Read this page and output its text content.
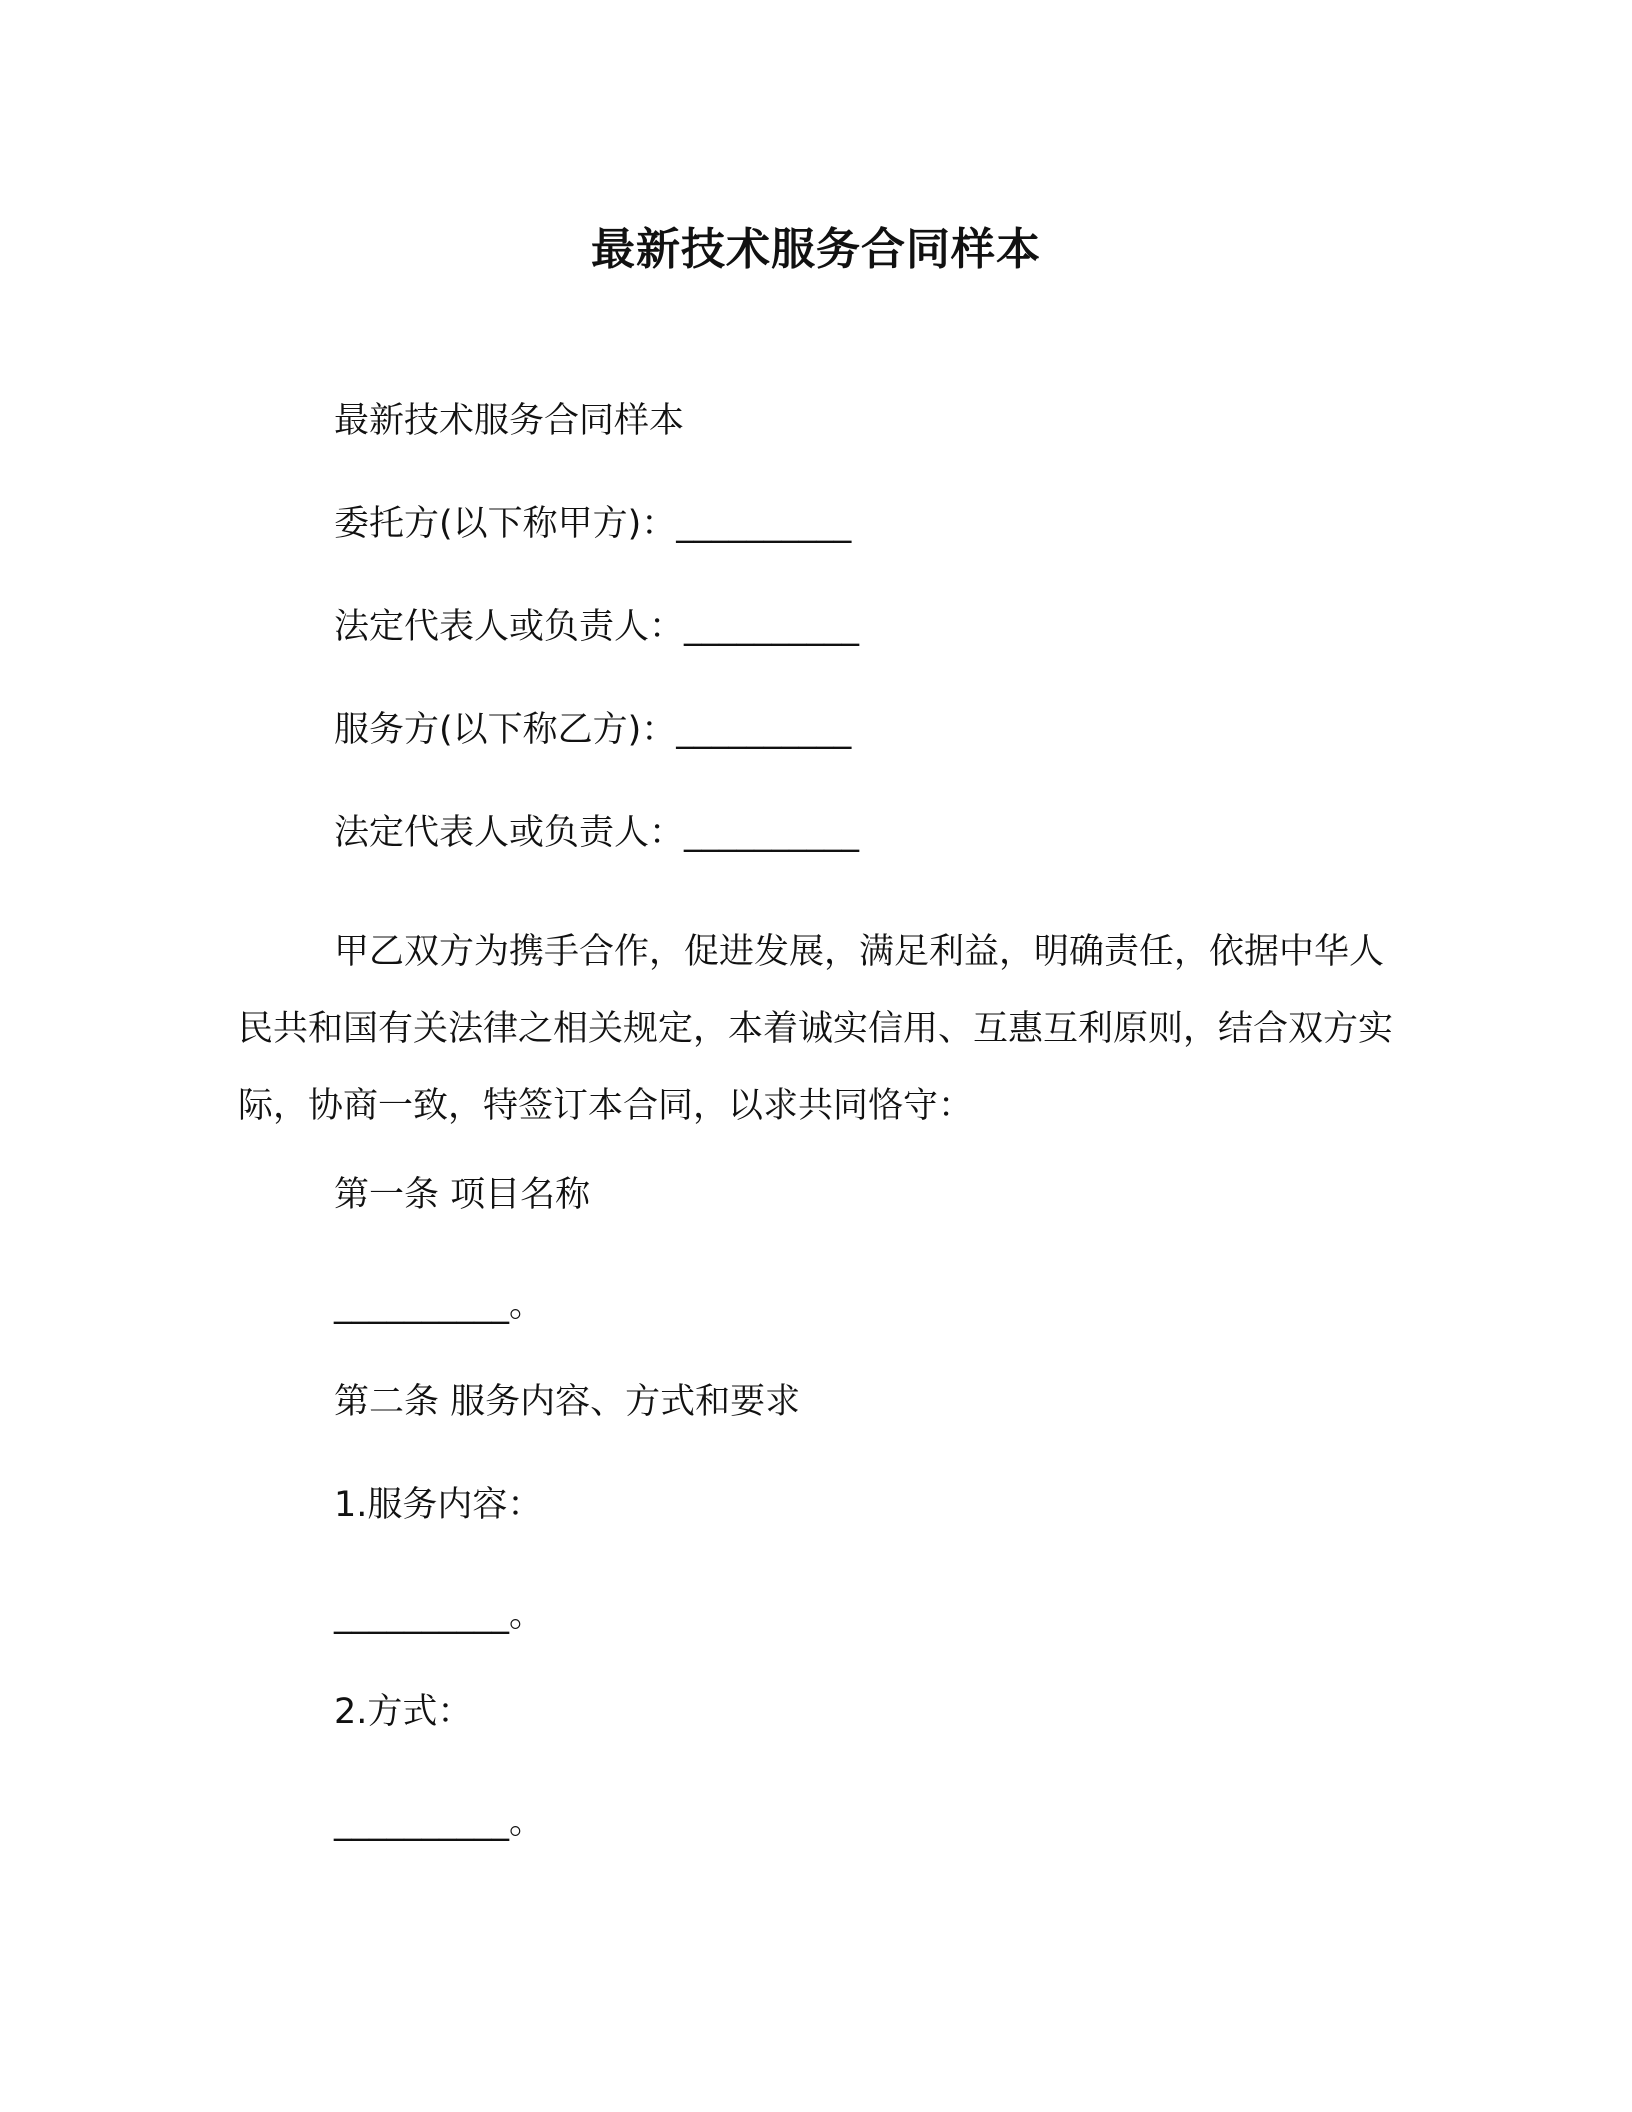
最新技术服务合同样本
最新技术服务合同样本
委托方(以下称甲方)：__________
法定代表人或负责人：__________
服务方(以下称乙方)：__________
法定代表人或负责人：__________

甲乙双方为携手合作，促进发展，满足利益，明确责任，依据中华人民共和国有关法律之相关规定，本着诚实信用、互惠互利原则，结合双方实际，协商一致，特签订本合同，以求共同恪守：

第一条 项目名称
__________。
第二条 服务内容、方式和要求
1.服务内容：
__________。
2.方式：
__________。
